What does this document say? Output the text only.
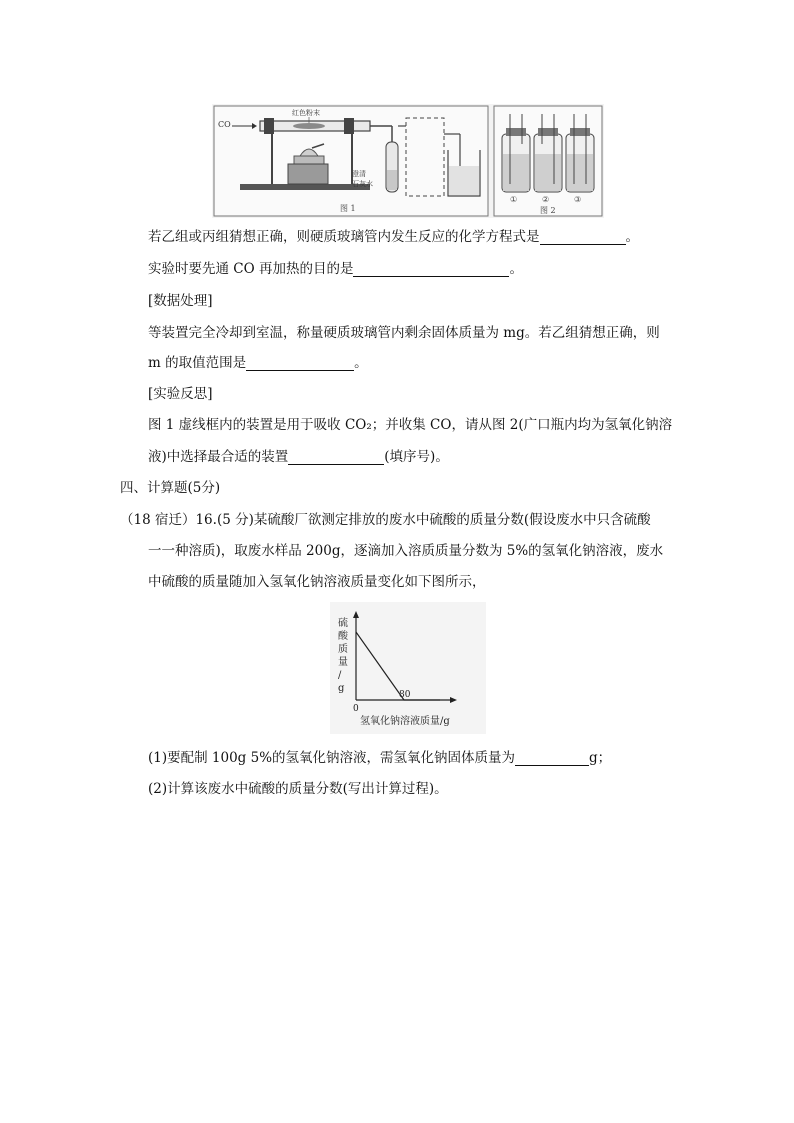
CO
红色粉末
澄清
石灰水
图 1
①	②	③
图 2
若乙组或丙组猜想正确，则硬质玻璃管内发生反应的化学方程式是	。
实验时要先通 CO 再加热的目的是	。
[数据处理]
等装置完全冷却到室温，称量硬质玻璃管内剩余固体质量为 mg。若乙组猜想正确，则
m 的取值范围是	。
[实验反思]
图 1 虚线框内的装置是用于吸收 CO₂；并收集 CO，请从图 2(广口瓶内均为氢氧化钠溶
液)中选择最合适的装置	(填序号)。
四、计算题(5分)
（18 宿迁）16.(5 分)某硫酸厂欲测定排放的废水中硫酸的质量分数(假设废水中只含硫酸
一一种溶质)，取废水样品 200g，逐滴加入溶质质量分数为 5%的氢氧化钠溶液，废水
中硫酸的质量随加入氢氧化钠溶液质量变化如下图所示，
硫
酸
质
量
/
g
0
80
氢氧化钠溶液质量/g
(1)要配制 100g 5%的氢氧化钠溶液，需氢氧化钠固体质量为	g；
(2)计算该废水中硫酸的质量分数(写出计算过程)。
